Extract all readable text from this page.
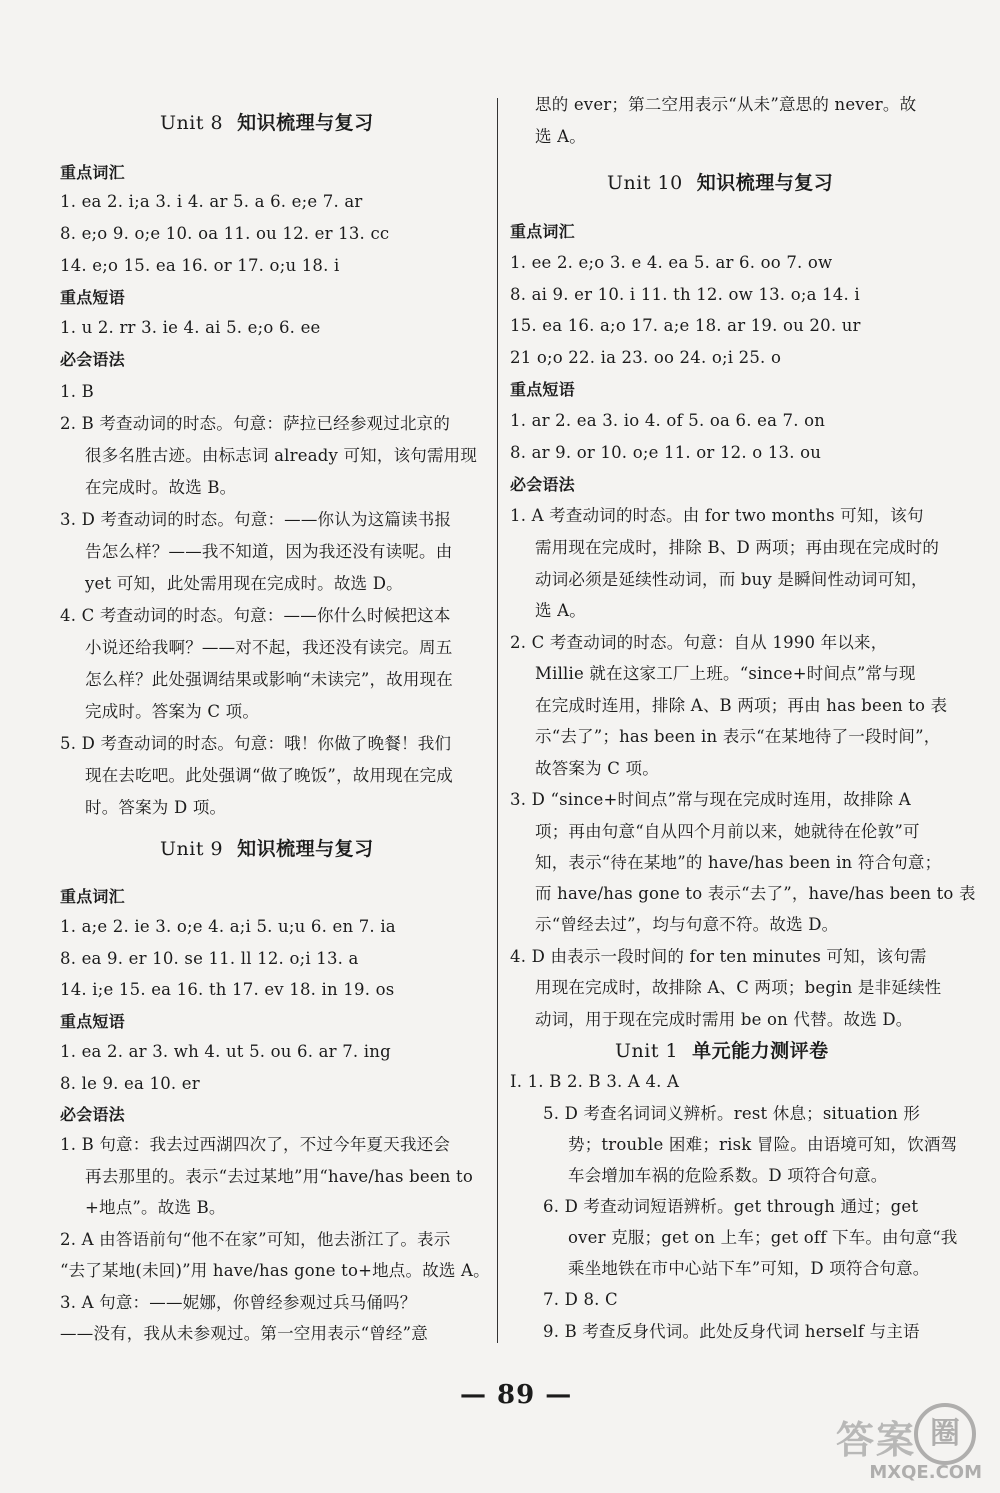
Unit 8 知识梳理与复习
重点词汇
1. ea 2. i;a 3. i 4. ar 5. a 6. e;e 7. ar
8. e;o 9. o;e 10. oa 11. ou 12. er 13. cc
14. e;o 15. ea 16. or 17. o;u 18. i
重点短语
1. u 2. rr 3. ie 4. ai 5. e;o 6. ee
必会语法
1. B
2. B 考查动词的时态。句意：萨拉已经参观过北京的
很多名胜古迹。由标志词 already 可知，该句需用现
在完成时。故选 B。
3. D 考查动词的时态。句意：——你认为这篇读书报
告怎么样？——我不知道，因为我还没有读呢。由
yet 可知，此处需用现在完成时。故选 D。
4. C 考查动词的时态。句意：——你什么时候把这本
小说还给我啊？——对不起，我还没有读完。周五
怎么样？此处强调结果或影响“未读完”，故用现在
完成时。答案为 C 项。
5. D 考查动词的时态。句意：哦！你做了晚餐！我们
现在去吃吧。此处强调“做了晚饭”，故用现在完成
时。答案为 D 项。
Unit 9 知识梳理与复习
重点词汇
1. a;e 2. ie 3. o;e 4. a;i 5. u;u 6. en 7. ia
8. ea 9. er 10. se 11. ll 12. o;i 13. a
14. i;e 15. ea 16. th 17. ev 18. in 19. os
重点短语
1. ea 2. ar 3. wh 4. ut 5. ou 6. ar 7. ing
8. le 9. ea 10. er
必会语法
1. B 句意：我去过西湖四次了，不过今年夏天我还会
再去那里的。表示“去过某地”用“have/has been to
+地点”。故选 B。
2. A 由答语前句“他不在家”可知，他去浙江了。表示
“去了某地(未回)”用 have/has gone to+地点。故选 A。
3. A 句意：——妮娜，你曾经参观过兵马俑吗？
——没有，我从未参观过。第一空用表示“曾经”意
思的 ever；第二空用表示“从未”意思的 never。故
选 A。
Unit 10 知识梳理与复习
重点词汇
1. ee 2. e;o 3. e 4. ea 5. ar 6. oo 7. ow
8. ai 9. er 10. i 11. th 12. ow 13. o;a 14. i
15. ea 16. a;o 17. a;e 18. ar 19. ou 20. ur
21 o;o 22. ia 23. oo 24. o;i 25. o
重点短语
1. ar 2. ea 3. io 4. of 5. oa 6. ea 7. on
8. ar 9. or 10. o;e 11. or 12. o 13. ou
必会语法
1. A 考查动词的时态。由 for two months 可知，该句
需用现在完成时，排除 B、D 两项；再由现在完成时的
动词必须是延续性动词，而 buy 是瞬间性动词可知，
选 A。
2. C 考查动词的时态。句意：自从 1990 年以来，
Millie 就在这家工厂上班。“since+时间点”常与现
在完成时连用，排除 A、B 两项；再由 has been to 表
示“去了”；has been in 表示“在某地待了一段时间”，
故答案为 C 项。
3. D “since+时间点”常与现在完成时连用，故排除 A
项；再由句意“自从四个月前以来，她就待在伦敦”可
知，表示“待在某地”的 have/has been in 符合句意；
而 have/has gone to 表示“去了”，have/has been to 表
示“曾经去过”，均与句意不符。故选 D。
4. D 由表示一段时间的 for ten minutes 可知，该句需
用现在完成时，故排除 A、C 两项；begin 是非延续性
动词，用于现在完成时需用 be on 代替。故选 D。
Unit 1 单元能力测评卷
Ⅰ. 1. B 2. B 3. A 4. A
5. D 考查名词词义辨析。rest 休息；situation 形
势；trouble 困难；risk 冒险。由语境可知，饮酒驾
车会增加车祸的危险系数。D 项符合句意。
6. D 考查动词短语辨析。get through 通过；get
over 克服；get on 上车；get off 下车。由句意“我
乘坐地铁在市中心站下车”可知，D 项符合句意。
7. D 8. C
9. B 考查反身代词。此处反身代词 herself 与主语
— 89 —
答案 圈
MXQE.COM
